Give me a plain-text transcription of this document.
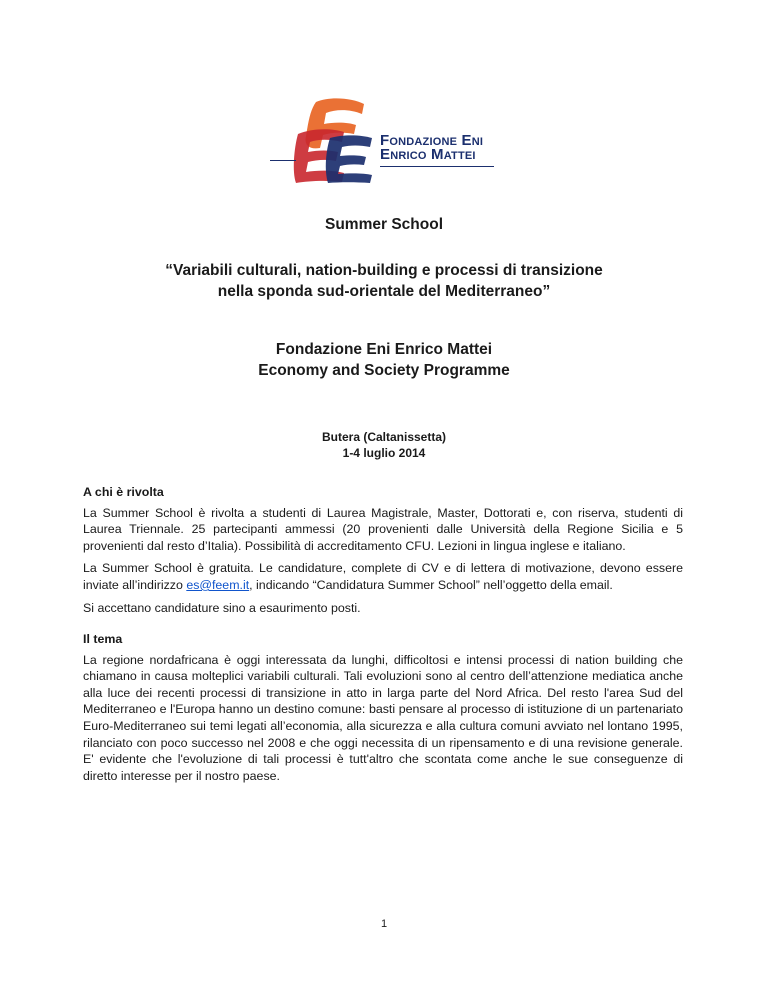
Fondazione Eni
Enrico Mattei
Summer School
“Variabili culturali, nation-building e processi di transizione
nella sponda sud-orientale del Mediterraneo”
Fondazione Eni Enrico Mattei
Economy and Society Programme
Butera (Caltanissetta)
1-4 luglio 2014
A chi è rivolta

La Summer School è rivolta a studenti di Laurea Magistrale, Master, Dottorati e, con riserva, studenti di Laurea Triennale. 25 partecipanti ammessi (20 provenienti dalle Università della Regione Sicilia e 5 provenienti dal resto d’Italia). Possibilità di accreditamento CFU. Lezioni in lingua inglese e italiano.

La Summer School è gratuita. Le candidature, complete di CV e di lettera di motivazione, devono essere inviate all’indirizzo es@feem.it, indicando “Candidatura Summer School” nell’oggetto della email.

Si accettano candidature sino a esaurimento posti.

Il tema

La regione nordafricana è oggi interessata da lunghi, difficoltosi e intensi processi di nation building che chiamano in causa molteplici variabili culturali. Tali evoluzioni sono al centro dell’attenzione mediatica anche alla luce dei recenti processi di transizione in atto in larga parte del Nord Africa. Del resto l'area Sud del Mediterraneo e l'Europa hanno un destino comune: basti pensare al processo di istituzione di un partenariato Euro-Mediterraneo sui temi legati all’economia, alla sicurezza e alla cultura comuni avviato nel lontano 1995, rilanciato con poco successo nel 2008 e che oggi necessita di un ripensamento e di una revisione generale. E' evidente che l'evoluzione di tali processi è tutt'altro che scontata come anche le sue conseguenze di diretto interesse per il nostro paese.

1
